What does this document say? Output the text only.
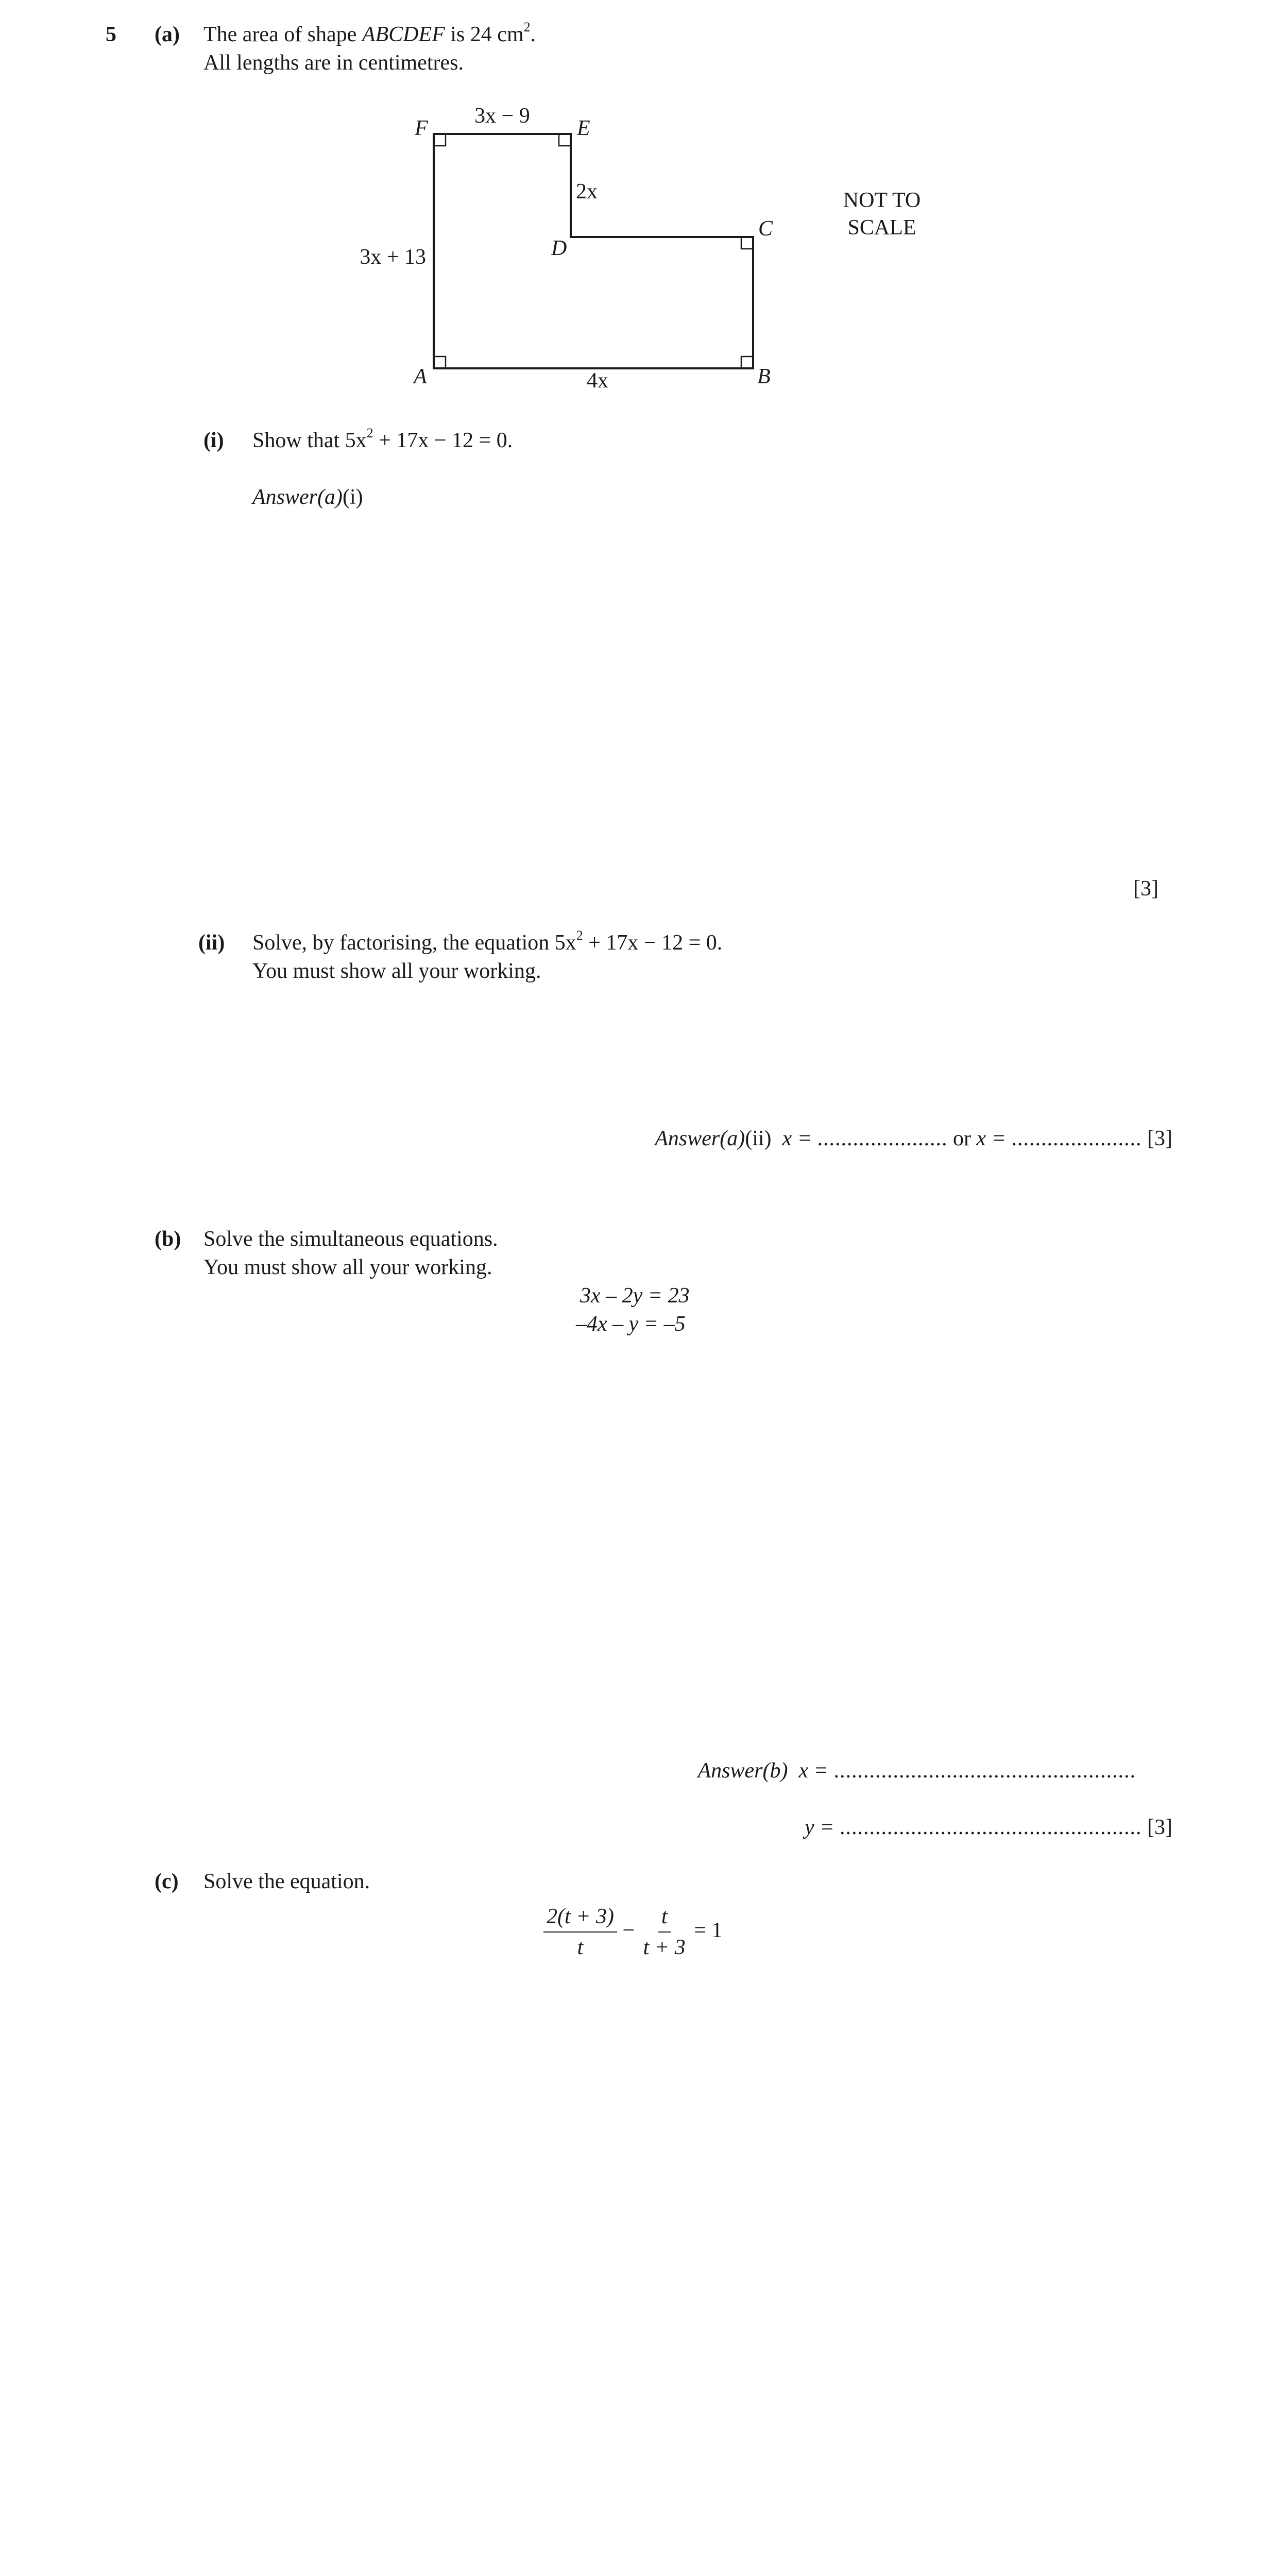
5 (a) The area of shape ABCDEF is 24 $cm^2$.
All lengths are in centimetres.
F	E
D
C
B
A
3x − 9
2x
3x + 13
4x
NOT TO
SCALE
(i) Show that $5x^2 + 17x - 12 = 0$.
Answer(a)(i)
[3]
(ii) Solve, by factorising, the equation $5x^2 + 17x - 12 = 0$.
You must show all your working.
Answer(a)(ii) x = ...................... or x = ...................... [3]
(b) Solve the simultaneous equations.
You must show all your working.
3x – 2y = 23
–4x – y = –5
Answer(b) x = ...................................................
y = ................................................... [3]
(c) Solve the equation.
$\frac{2(t + 3)}{t} - \frac{t}{t + 3} = 1$
